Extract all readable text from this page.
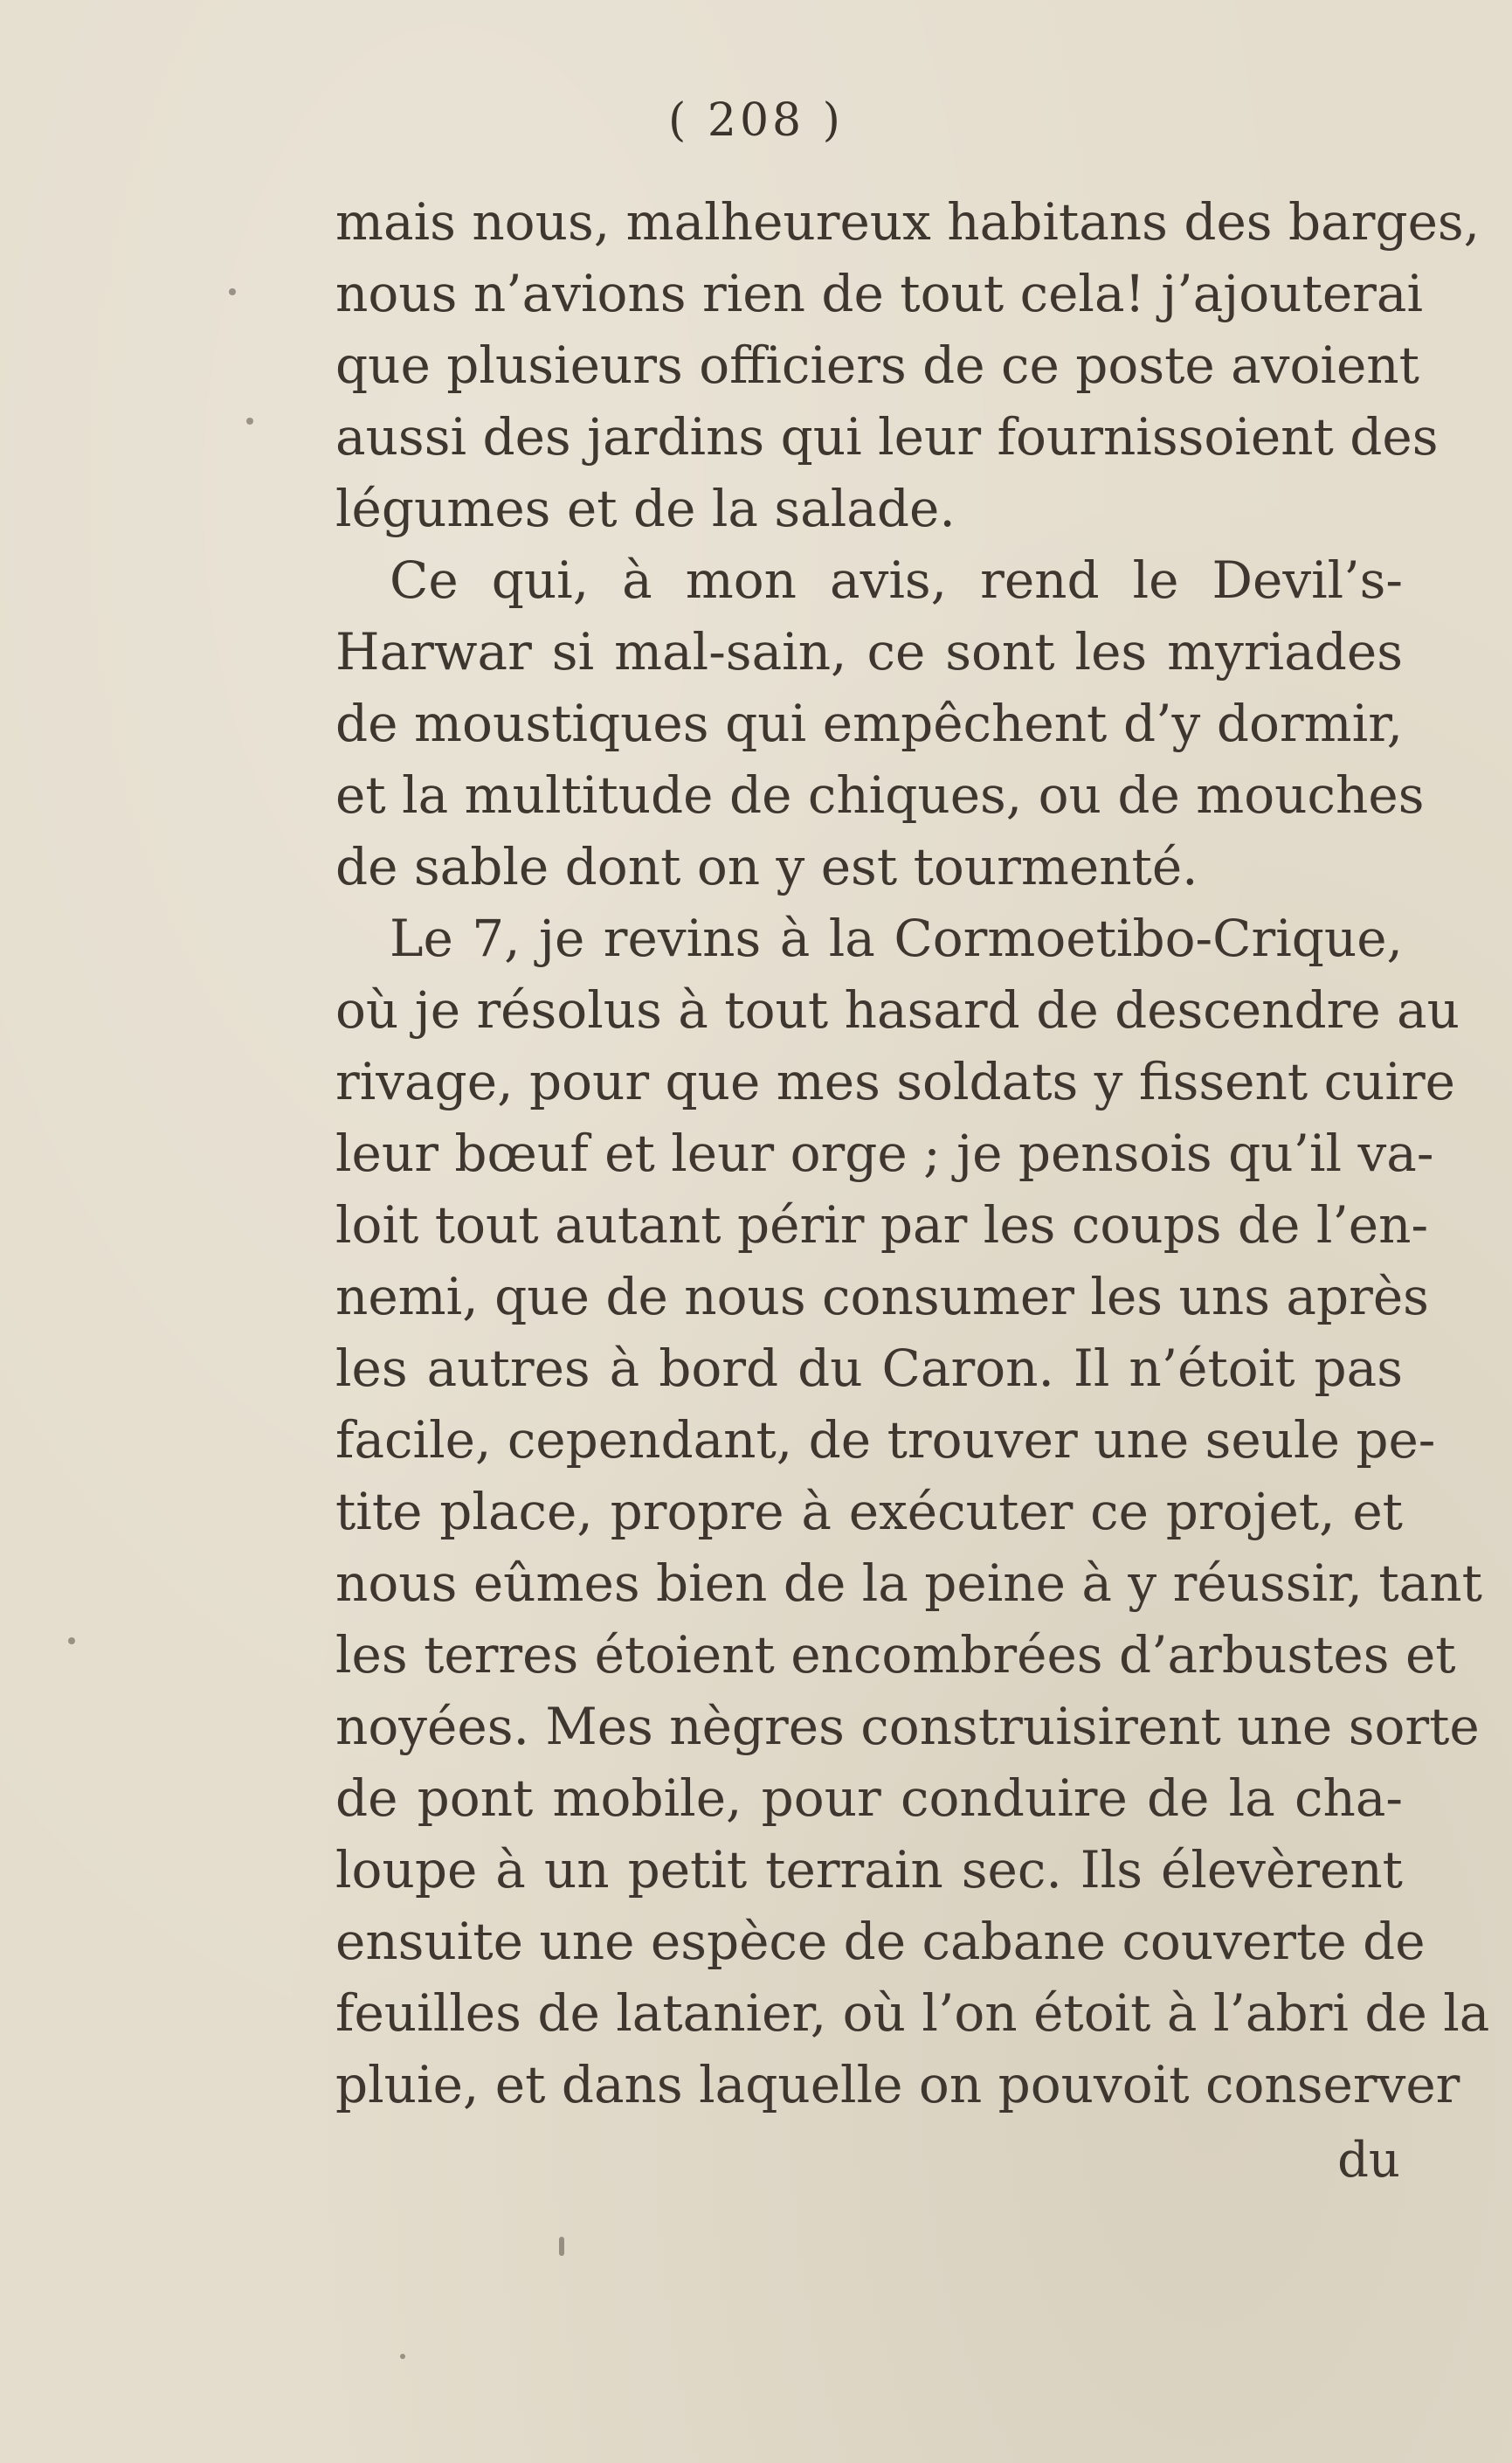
( 208 )
mais nous, malheureux habitans des barges,
nous n’avions rien de tout cela! j’ajouterai
que plusieurs officiers de ce poste avoient
aussi des jardins qui leur fournissoient des
légumes et de la salade.
Ce qui, à mon avis, rend le Devil’s-
Harwar si mal-sain, ce sont les myriades
de moustiques qui empêchent d’y dormir,
et la multitude de chiques, ou de mouches
de sable dont on y est tourmenté.
Le 7, je revins à la Cormoetibo-Crique,
où je résolus à tout hasard de descendre au
rivage, pour que mes soldats y fissent cuire
leur bœuf et leur orge ; je pensois qu’il va-
loit tout autant périr par les coups de l’en-
nemi, que de nous consumer les uns après
les autres à bord du Caron. Il n’étoit pas
facile, cependant, de trouver une seule pe-
tite place, propre à exécuter ce projet, et
nous eûmes bien de la peine à y réussir, tant
les terres étoient encombrées d’arbustes et
noyées. Mes nègres construisirent une sorte
de pont mobile, pour conduire de la cha-
loupe à un petit terrain sec. Ils élevèrent
ensuite une espèce de cabane couverte de
feuilles de latanier, où l’on étoit à l’abri de la
pluie, et dans laquelle on pouvoit conserver
du
